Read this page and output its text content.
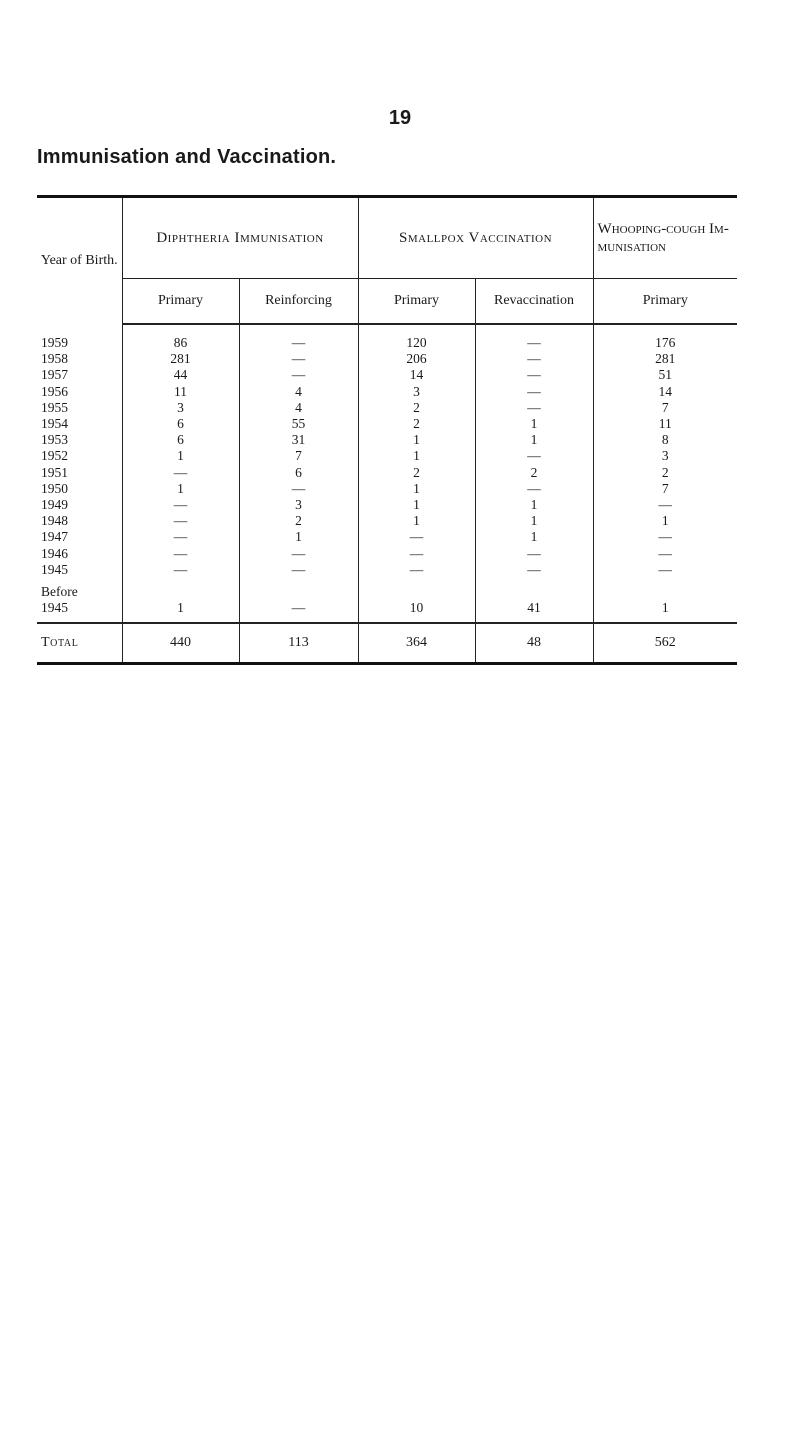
19
Immunisation and Vaccination.
Year of Birth.	Diphtheria Immunisation		Smallpox Vaccination		Whooping-cough Im-munisation
	Primary	Reinforcing	Primary	Revaccination	Primary
1959	86	—	120	—	176
1958	281	—	206	—	281
1957	44	—	14	—	51
1956	11	4	3	—	14
1955	3	4	2	—	7
1954	6	55	2	1	11
1953	6	31	1	1	8
1952	1	7	1	—	3
1951	—	6	2	2	2
1950	1	—	1	—	7
1949	—	3	1	1	—
1948	—	2	1	1	1
1947	—	1	—	1	—
1946	—	—	—	—	—
1945	—	—	—	—	—

Before					
1945	1	—	10	41	1

Total	440	113	364	48	562
